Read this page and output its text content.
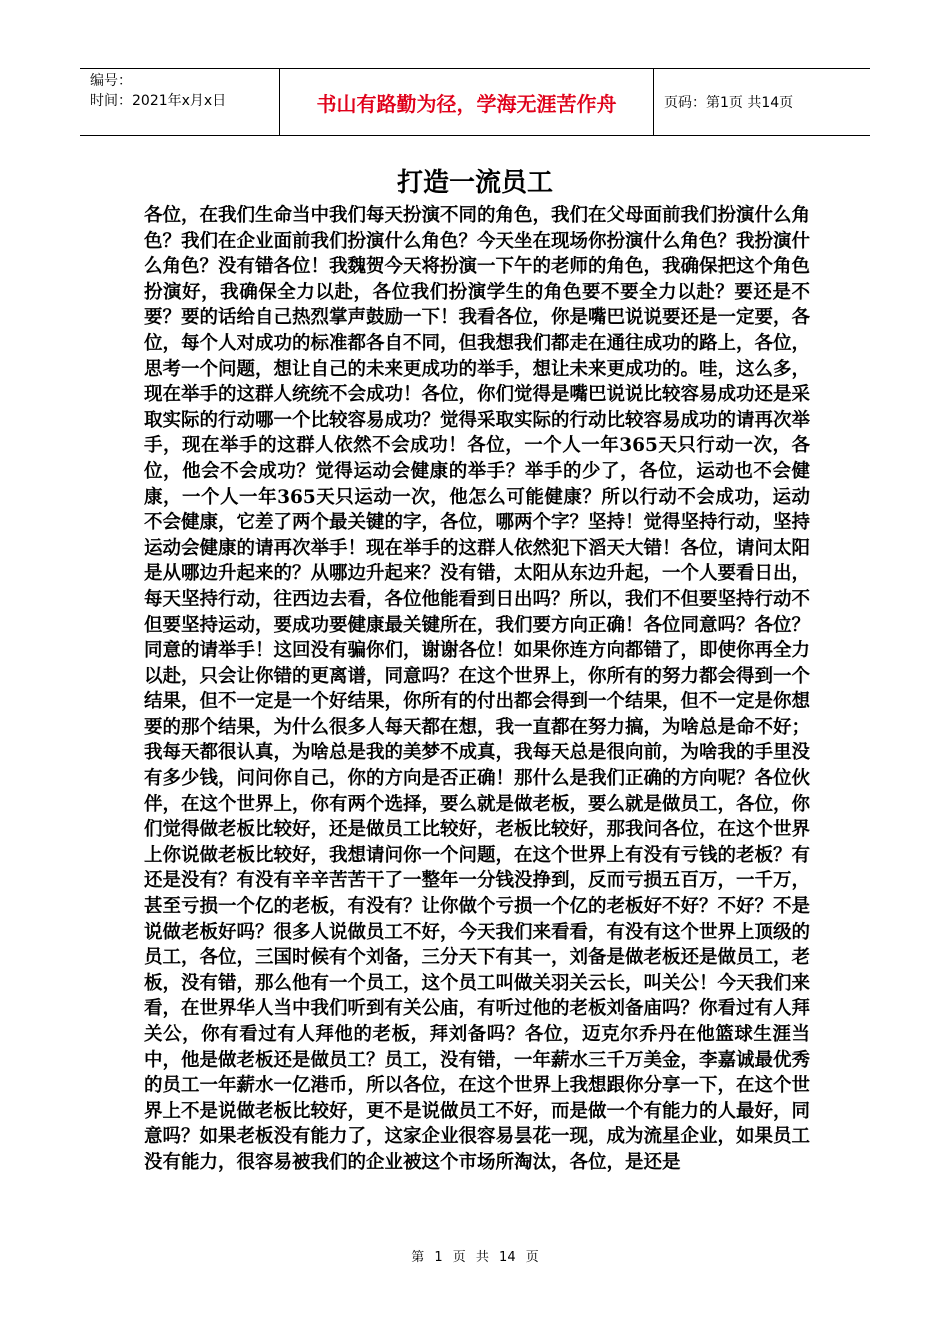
编号：
时间：2021年x月x日	书山有路勤为径，学海无涯苦作舟	页码：第1页 共14页
打造一流员工

各位，在我们生命当中我们每天扮演不同的角色，我们在父母面前我们扮演什么角色？我们在企业面前我们扮演什么角色？今天坐在现场你扮演什么角色？我扮演什么角色？没有错各位！我魏贺今天将扮演一下午的老师的角色，我确保把这个角色扮演好，我确保全力以赴，各位我们扮演学生的角色要不要全力以赴？要还是不要？要的话给自己热烈掌声鼓励一下！我看各位，你是嘴巴说说要还是一定要，各位，每个人对成功的标准都各自不同，但我想我们都走在通往成功的路上，各位，思考一个问题，想让自己的未来更成功的举手，想让未来更成功的。哇，这么多，现在举手的这群人统统不会成功！各位，你们觉得是嘴巴说说比较容易成功还是采取实际的行动哪一个比较容易成功？觉得采取实际的行动比较容易成功的请再次举手，现在举手的这群人依然不会成功！各位，一个人一年365天只行动一次，各位，他会不会成功？觉得运动会健康的举手？举手的少了，各位，运动也不会健康，一个人一年365天只运动一次，他怎么可能健康？所以行动不会成功，运动不会健康，它差了两个最关键的字，各位，哪两个字？坚持！觉得坚持行动，坚持运动会健康的请再次举手！现在举手的这群人依然犯下滔天大错！各位，请问太阳是从哪边升起来的？从哪边升起来？没有错，太阳从东边升起，一个人要看日出，每天坚持行动，往西边去看，各位他能看到日出吗？所以，我们不但要坚持行动不但要坚持运动，要成功要健康最关键所在，我们要方向正确！各位同意吗？各位？同意的请举手！这回没有骗你们，谢谢各位！如果你连方向都错了，即使你再全力以赴，只会让你错的更离谱，同意吗？在这个世界上，你所有的努力都会得到一个结果，但不一定是一个好结果，你所有的付出都会得到一个结果，但不一定是你想要的那个结果，为什么很多人每天都在想，我一直都在努力搞，为啥总是命不好；我每天都很认真，为啥总是我的美梦不成真，我每天总是很向前，为啥我的手里没有多少钱，问问你自己，你的方向是否正确！那什么是我们正确的方向呢？各位伙伴，在这个世界上，你有两个选择，要么就是做老板，要么就是做员工，各位，你们觉得做老板比较好，还是做员工比较好，老板比较好，那我问各位，在这个世界上你说做老板比较好，我想请问你一个问题，在这个世界上有没有亏钱的老板？有还是没有？有没有辛辛苦苦干了一整年一分钱没挣到，反而亏损五百万，一千万，甚至亏损一个亿的老板，有没有？让你做个亏损一个亿的老板好不好？不好？不是说做老板好吗？很多人说做员工不好，今天我们来看看，有没有这个世界上顶级的员工，各位，三国时候有个刘备，三分天下有其一，刘备是做老板还是做员工，老板，没有错，那么他有一个员工，这个员工叫做关羽关云长，叫关公！今天我们来看，在世界华人当中我们听到有关公庙，有听过他的老板刘备庙吗？你看过有人拜关公，你有看过有人拜他的老板，拜刘备吗？各位，迈克尔乔丹在他篮球生涯当中，他是做老板还是做员工？员工，没有错，一年薪水三千万美金，李嘉诚最优秀的员工一年薪水一亿港币，所以各位，在这个世界上我想跟你分享一下，在这个世界上不是说做老板比较好，更不是说做员工不好，而是做一个有能力的人最好，同意吗？如果老板没有能力了，这家企业很容易昙花一现，成为流星企业，如果员工没有能力，很容易被我们的企业被这个市场所淘汰，各位，是还是

第 1 页 共 14 页
